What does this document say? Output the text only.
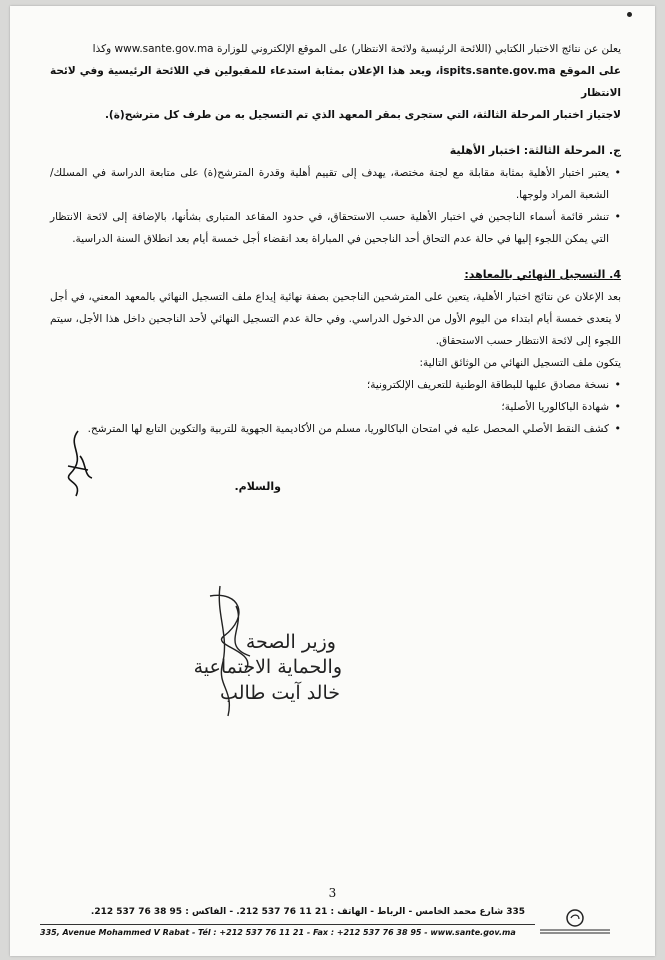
يعلن عن نتائج الاختبار الكتابي (اللائحة الرئيسية ولائحة الانتظار) على الموقع الإلكتروني للوزارة www.sante.gov.ma وكذا

على الموقع ispits.sante.gov.ma، ويعد هذا الإعلان بمثابة استدعاء للمقبولين في اللائحة الرئيسية وفي لائحة الانتظار

لاجتياز اختبار المرحلة الثالثة، التي ستجرى بمقر المعهد الذي تم التسجيل به من طرف كل مترشح(ة).

ج. المرحلة الثالثة: اختبار الأهلية

• يعتبر اختبار الأهلية بمثابة مقابلة مع لجنة مختصة، يهدف إلى تقييم أهلية وقدرة المترشح(ة) على متابعة الدراسة في المسلك/الشعبة المراد ولوجها.
• تنشر قائمة أسماء الناجحين في اختبار الأهلية حسب الاستحقاق، في حدود المقاعد المتبارى بشأنها، بالإضافة إلى لائحة الانتظار التي يمكن اللجوء إليها في حالة عدم التحاق أحد الناجحين في المباراة بعد انقضاء أجل خمسة أيام بعد انطلاق السنة الدراسية.

4. التسجيل النهائي بالمعاهد:

بعد الإعلان عن نتائج اختبار الأهلية، يتعين على المترشحين الناجحين بصفة نهائية إيداع ملف التسجيل النهائي بالمعهد المعني، في أجل لا يتعدى خمسة أيام ابتداء من اليوم الأول من الدخول الدراسي. وفي حالة عدم التسجيل النهائي لأحد الناجحين داخل هذا الأجل، سيتم اللجوء إلى لائحة الانتظار حسب الاستحقاق.

يتكون ملف التسجيل النهائي من الوثائق التالية:

• نسخة مصادق عليها للبطاقة الوطنية للتعريف الإلكترونية؛
• شهادة الباكالوريا الأصلية؛
• كشف النقط الأصلي المحصل عليه في امتحان الباكالوريا، مسلم من الأكاديمية الجهوية للتربية والتكوين التابع لها المترشح.

والسلام.

وزير الصحة
والحماية الاجتماعية
خالد آيت طالب
3
335 شارع محمد الخامس - الرباط - الهاتف : 21 11 76 537 212. - الفاكس : 95 38 76 537 212.
335, Avenue Mohammed V Rabat - Tél : +212 537 76 11 21 - Fax : +212 537 76 38 95 - www.sante.gov.ma
